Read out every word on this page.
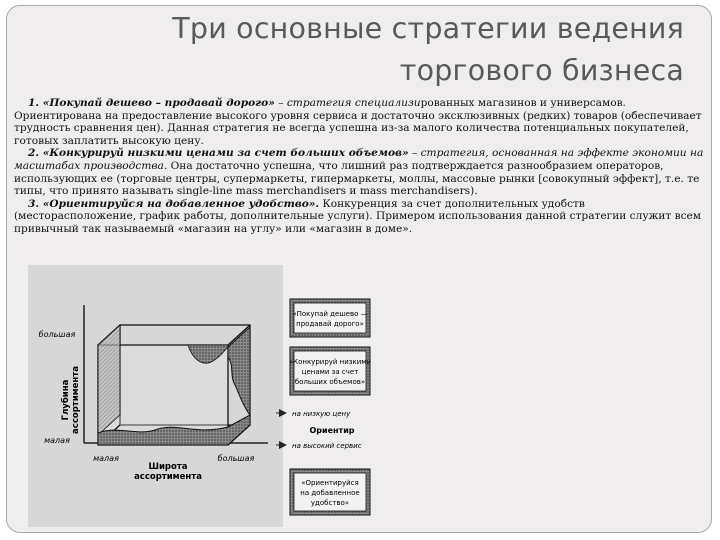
Три основные стратегии ведения
торгового бизнеса

1. «Покупай дешево – продавай дорого» – стратегия специализированных магазинов и универсамов. Ориентирована на предоставление высокого уровня сервиса и достаточно эксклюзивных (редких) товаров (обеспечивает трудность сравнения цен). Данная стратегия не всегда успешна из-за малого количества потенциальных покупателей, готовых заплатить высокую цену.

2. «Конкурируй низкими ценами за счет больших объемов» – стратегия, основанная на эффекте экономии на масштабах производства. Она достаточно успешна, что лишний раз подтверждается разнообразием операторов, использующих ее (торговые центры, супермаркеты, гипермаркеты, моллы, массовые рынки [совокупный эффект], т.е. те типы, что принято называть single-line mass merchandisers и mass merchandisers).

3. «Ориентируйся на добавленное удобство». Конкуренция за счет дополнительных удобств (месторасположение, график работы, дополнительные услуги). Примером использования данной стратегии служит всем привычный так называемый «магазин на углу» или «магазин в доме».

большая
малая
Глубина ассортимента
малая	большая
Широта
ассортимента
«Покупай дешево —
продавай дорого»
«Конкурируй низкими
ценами за счет
больших объемов»
на низкую цену
Ориентир
на высокий сервис
«Ориентируйся
на добавленное
удобство»
